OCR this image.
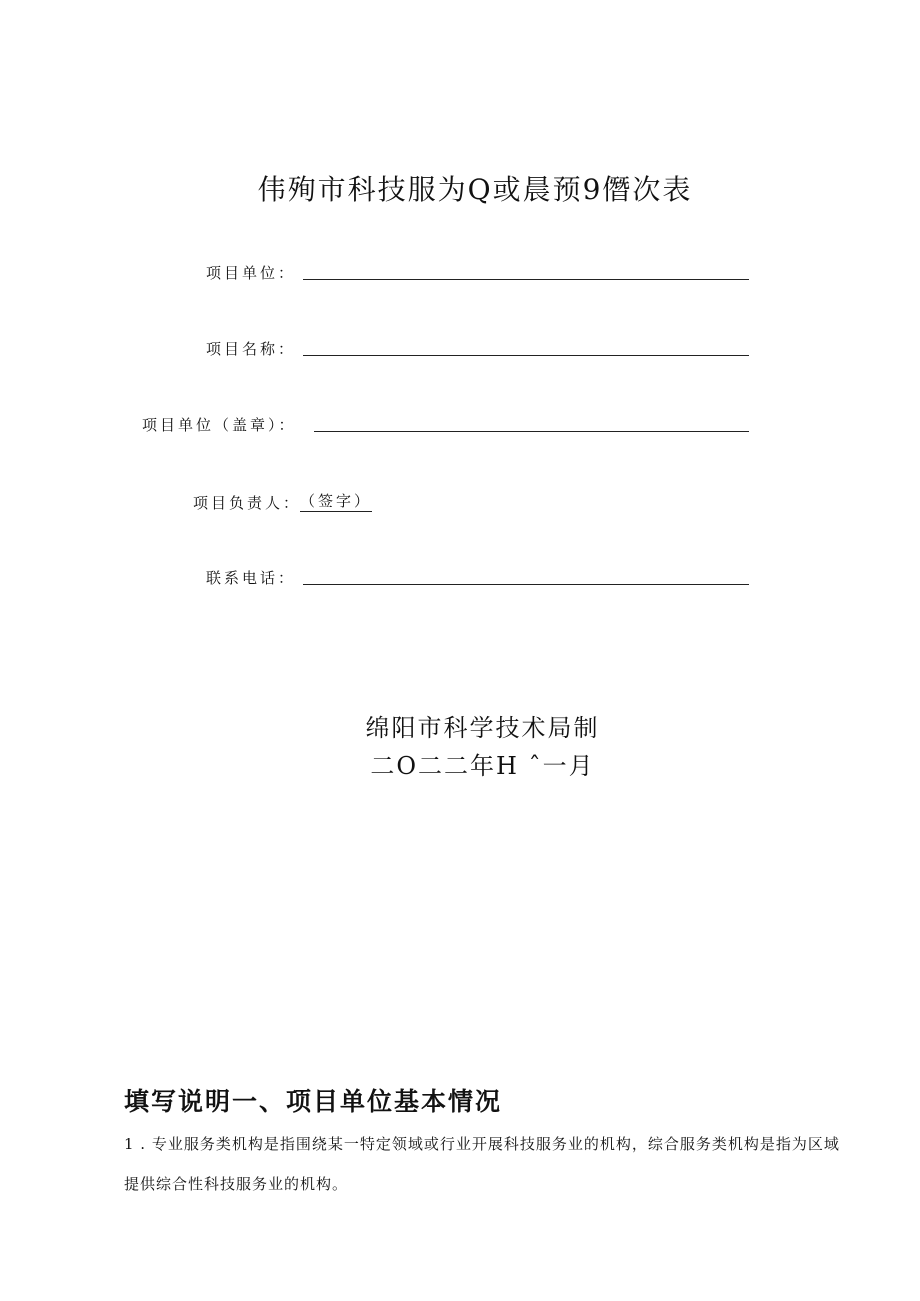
伟殉市科技服为Q或晨预9僭次表
项目单位：
项目名称：
项目单位（盖章）：
项目负责人：
（签字）
联系电话：
绵阳市科学技术局制
二O二二年H ˆ一月
填写说明一、项目单位基本情况
1 . 专业服务类机构是指围绕某一特定领域或行业开展科技服务业的机构，综合服务类机构是指为区域提供综合性科技服务业的机构。
